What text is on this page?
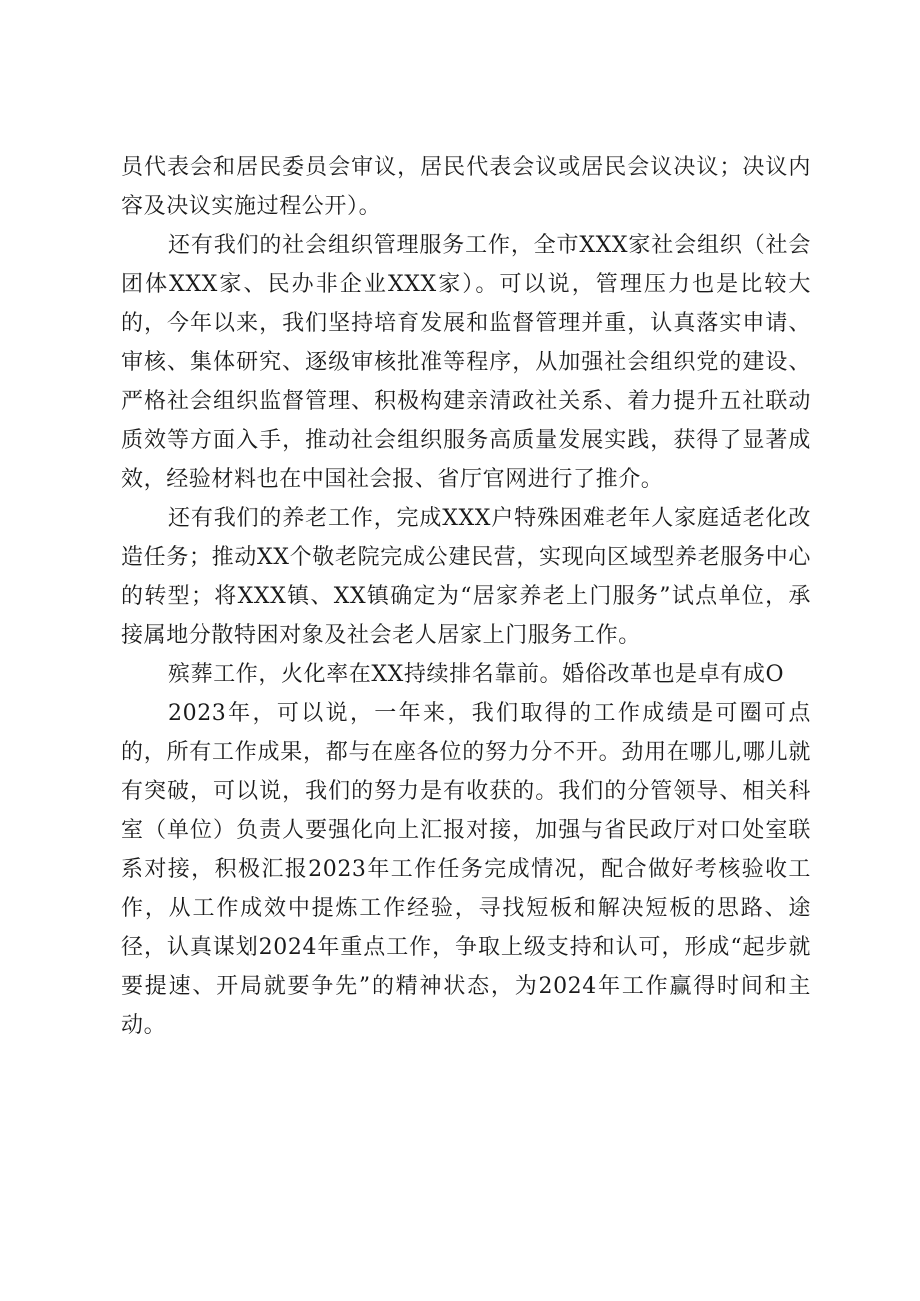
员代表会和居民委员会审议，居民代表会议或居民会议决议；决议内容及决议实施过程公开）。

还有我们的社会组织管理服务工作，全市XXX家社会组织（社会团体XXX家、民办非企业XXX家）。可以说，管理压力也是比较大的，今年以来，我们坚持培育发展和监督管理并重，认真落实申请、审核、集体研究、逐级审核批准等程序，从加强社会组织党的建设、严格社会组织监督管理、积极构建亲清政社关系、着力提升五社联动质效等方面入手，推动社会组织服务高质量发展实践，获得了显著成效，经验材料也在中国社会报、省厅官网进行了推介。

还有我们的养老工作，完成XXX户特殊困难老年人家庭适老化改造任务；推动XX个敬老院完成公建民营，实现向区域型养老服务中心的转型；将XXX镇、XX镇确定为“居家养老上门服务”试点单位，承接属地分散特困对象及社会老人居家上门服务工作。

殡葬工作，火化率在XX持续排名靠前。婚俗改革也是卓有成O

2023年，可以说，一年来，我们取得的工作成绩是可圈可点的，所有工作成果，都与在座各位的努力分不开。劲用在哪儿,哪儿就有突破，可以说，我们的努力是有收获的。我们的分管领导、相关科室（单位）负责人要强化向上汇报对接，加强与省民政厅对口处室联系对接，积极汇报2023年工作任务完成情况，配合做好考核验收工作，从工作成效中提炼工作经验，寻找短板和解决短板的思路、途径，认真谋划2024年重点工作，争取上级支持和认可，形成“起步就要提速、开局就要争先”的精神状态，为2024年工作赢得时间和主动。
